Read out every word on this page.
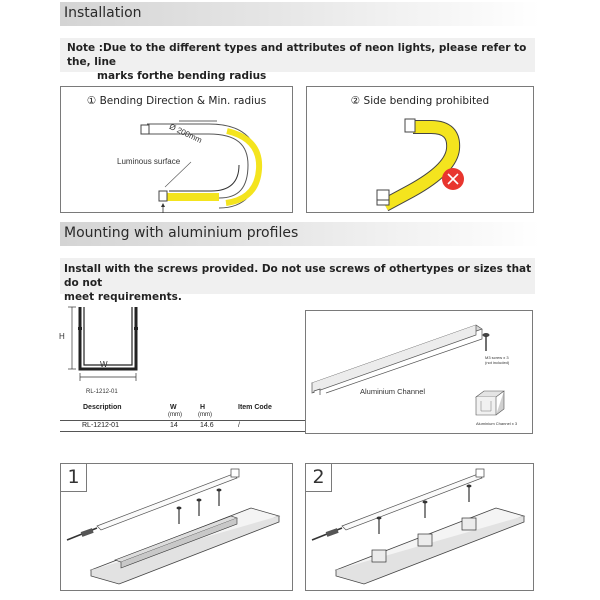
Installation
Note :Due to the different types and attributes of neon lights, please refer to the, line
marks forthe bending radius
① Bending Direction & Min. radius
Ø 200mm
Luminous surface
② Side bending prohibited
Mounting with aluminium profiles
Install with the screws provided. Do not use screws of othertypes or sizes that do not
meet requirements.
H
W
RL-1212-01
Description	W	H	Item Code
(mm)	(mm)
RL-1212-01	14	14.6	/
Aluminium Channel
M3 screw x 3
(not included)
Aluminium Channel x 3
1	2
